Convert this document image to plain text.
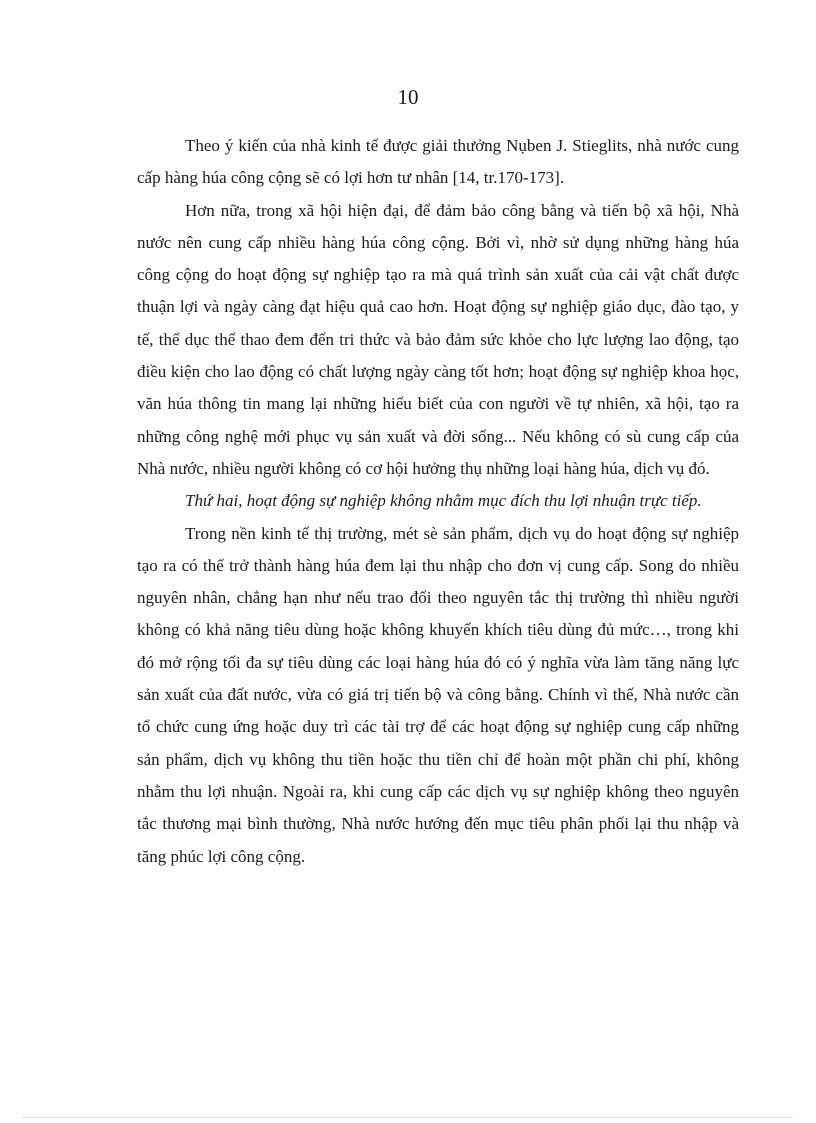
10

Theo ý kiến của nhà kinh tế được giải thưởng Nụben J. Stieglits, nhà nước cung cấp hàng húa công cộng sẽ có lợi hơn tư nhân [14, tr.170-173].

Hơn nữa, trong xã hội hiện đại, để đảm bảo công bằng và tiến bộ xã hội, Nhà nước nên cung cấp nhiều hàng húa công cộng. Bởi vì, nhờ sử dụng những hàng húa công cộng do hoạt động sự nghiệp tạo ra mà quá trình sản xuất của cải vật chất được thuận lợi và ngày càng đạt hiệu quả cao hơn. Hoạt động sự nghiệp giáo dục, đào tạo, y tế, thể dục thể thao đem đến tri thức và bảo đảm sức khỏe cho lực lượng lao động, tạo điều kiện cho lao động có chất lượng ngày càng tốt hơn; hoạt động sự nghiệp khoa học, văn húa thông tin mang lại những hiểu biết của con người về tự nhiên, xã hội, tạo ra những công nghệ mới phục vụ sản xuất và đời sống... Nếu không có sù cung cấp của Nhà nước, nhiều người không có cơ hội hưởng thụ những loại hàng húa, dịch vụ đó.

Thứ hai, hoạt động sự nghiệp không nhằm mục đích thu lợi nhuận trực tiếp.

Trong nền kinh tế thị trường, mét sè sản phẩm, dịch vụ do hoạt động sự nghiệp tạo ra có thể trở thành hàng húa đem lại thu nhập cho đơn vị cung cấp. Song do nhiều nguyên nhân, chẳng hạn như nếu trao đổi theo nguyên tắc thị trường thì nhiều người không có khả năng tiêu dùng hoặc không khuyến khích tiêu dùng đủ mức…, trong khi đó mở rộng tối đa sự tiêu dùng các loại hàng húa đó có ý nghĩa vừa làm tăng năng lực sản xuất của đất nước, vừa có giá trị tiến bộ và công bằng. Chính vì thế, Nhà nước cần tổ chức cung ứng hoặc duy trì các tài trợ để các hoạt động sự nghiệp cung cấp những sản phẩm, dịch vụ không thu tiền hoặc thu tiền chỉ để hoàn một phần chi phí, không nhằm thu lợi nhuận. Ngoài ra, khi cung cấp các dịch vụ sự nghiệp không theo nguyên tắc thương mại bình thường, Nhà nước hướng đến mục tiêu phân phối lại thu nhập và tăng phúc lợi công cộng.
